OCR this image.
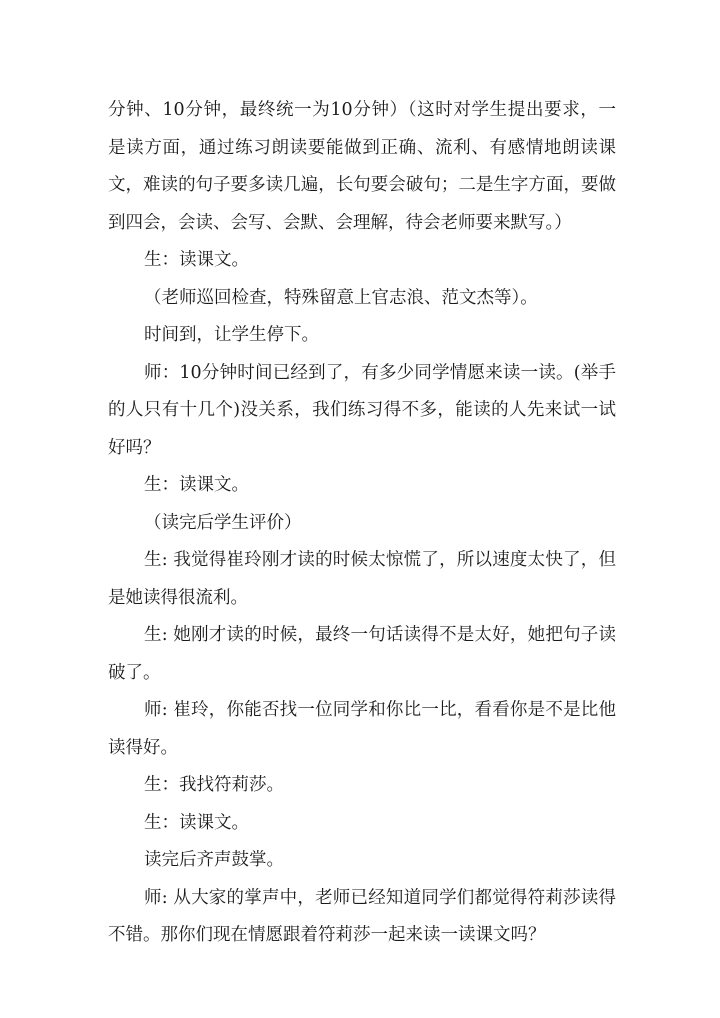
分钟、10分钟，最终统一为10分钟）（这时对学生提出要求，一是读方面，通过练习朗读要能做到正确、流利、有感情地朗读课文，难读的句子要多读几遍，长句要会破句；二是生字方面，要做到四会，会读、会写、会默、会理解，待会老师要来默写。）

生：读课文。

（老师巡回检查，特殊留意上官志浪、范文杰等）。

时间到，让学生停下。

师：10分钟时间已经到了，有多少同学情愿来读一读。(举手的人只有十几个)没关系，我们练习得不多，能读的人先来试一试好吗？

生：读课文。

（读完后学生评价）

生: 我觉得崔玲刚才读的时候太惊慌了，所以速度太快了，但是她读得很流利。

生: 她刚才读的时候，最终一句话读得不是太好，她把句子读破了。

师: 崔玲，你能否找一位同学和你比一比，看看你是不是比他读得好。

生：我找符莉莎。

生：读课文。

读完后齐声鼓掌。

师: 从大家的掌声中，老师已经知道同学们都觉得符莉莎读得不错。那你们现在情愿跟着符莉莎一起来读一读课文吗？
